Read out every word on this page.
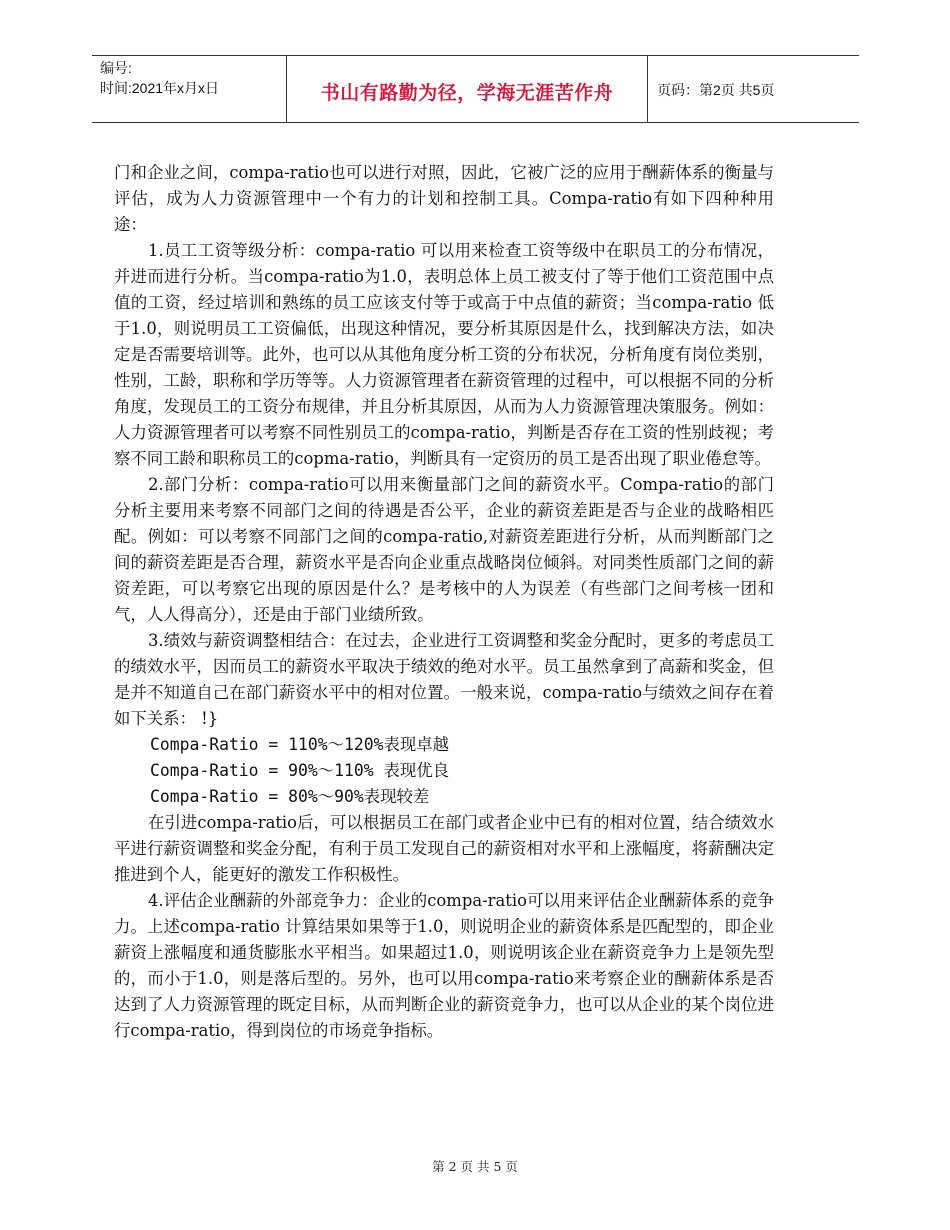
编号:
时间:2021年x月x日	书山有路勤为径，学海无涯苦作舟	页码：第2页 共5页

门和企业之间，compa-ratio也可以进行对照，因此，它被广泛的应用于酬薪体系的衡量与评估，成为人力资源管理中一个有力的计划和控制工具。Compa-ratio有如下四种种用途：

1.员工工资等级分析：compa-ratio 可以用来检查工资等级中在职员工的分布情况，并进而进行分析。当compa-ratio为1.0，表明总体上员工被支付了等于他们工资范围中点值的工资，经过培训和熟练的员工应该支付等于或高于中点值的薪资；当compa-ratio 低于1.0，则说明员工工资偏低，出现这种情况，要分析其原因是什么，找到解决方法，如决定是否需要培训等。此外，也可以从其他角度分析工资的分布状况，分析角度有岗位类别，性别，工龄，职称和学历等等。人力资源管理者在薪资管理的过程中，可以根据不同的分析角度，发现员工的工资分布规律，并且分析其原因，从而为人力资源管理决策服务。例如：人力资源管理者可以考察不同性别员工的compa-ratio，判断是否存在工资的性别歧视；考察不同工龄和职称员工的copma-ratio，判断具有一定资历的员工是否出现了职业倦怠等。

2.部门分析：compa-ratio可以用来衡量部门之间的薪资水平。Compa-ratio的部门分析主要用来考察不同部门之间的待遇是否公平，企业的薪资差距是否与企业的战略相匹配。例如：可以考察不同部门之间的compa-ratio,对薪资差距进行分析，从而判断部门之间的薪资差距是否合理，薪资水平是否向企业重点战略岗位倾斜。对同类性质部门之间的薪资差距，可以考察它出现的原因是什么？是考核中的人为误差（有些部门之间考核一团和气，人人得高分），还是由于部门业绩所致。

3.绩效与薪资调整相结合：在过去，企业进行工资调整和奖金分配时，更多的考虑员工的绩效水平，因而员工的薪资水平取决于绩效的绝对水平。员工虽然拿到了高薪和奖金，但是并不知道自己在部门薪资水平中的相对位置。一般来说，compa-ratio与绩效之间存在着如下关系： !}

Compa-Ratio = 110%～120%表现卓越

Compa-Ratio = 90%～110% 表现优良

Compa-Ratio = 80%～90%表现较差

在引进compa-ratio后，可以根据员工在部门或者企业中已有的相对位置，结合绩效水平进行薪资调整和奖金分配，有利于员工发现自己的薪资相对水平和上涨幅度，将薪酬决定推进到个人，能更好的激发工作积极性。

4.评估企业酬薪的外部竞争力：企业的compa-ratio可以用来评估企业酬薪体系的竞争力。上述compa-ratio 计算结果如果等于1.0，则说明企业的薪资体系是匹配型的，即企业薪资上涨幅度和通货膨胀水平相当。如果超过1.0，则说明该企业在薪资竞争力上是领先型的，而小于1.0，则是落后型的。另外，也可以用compa-ratio来考察企业的酬薪体系是否达到了人力资源管理的既定目标，从而判断企业的薪资竞争力，也可以从企业的某个岗位进行compa-ratio，得到岗位的市场竞争指标。

第 2 页 共 5 页
